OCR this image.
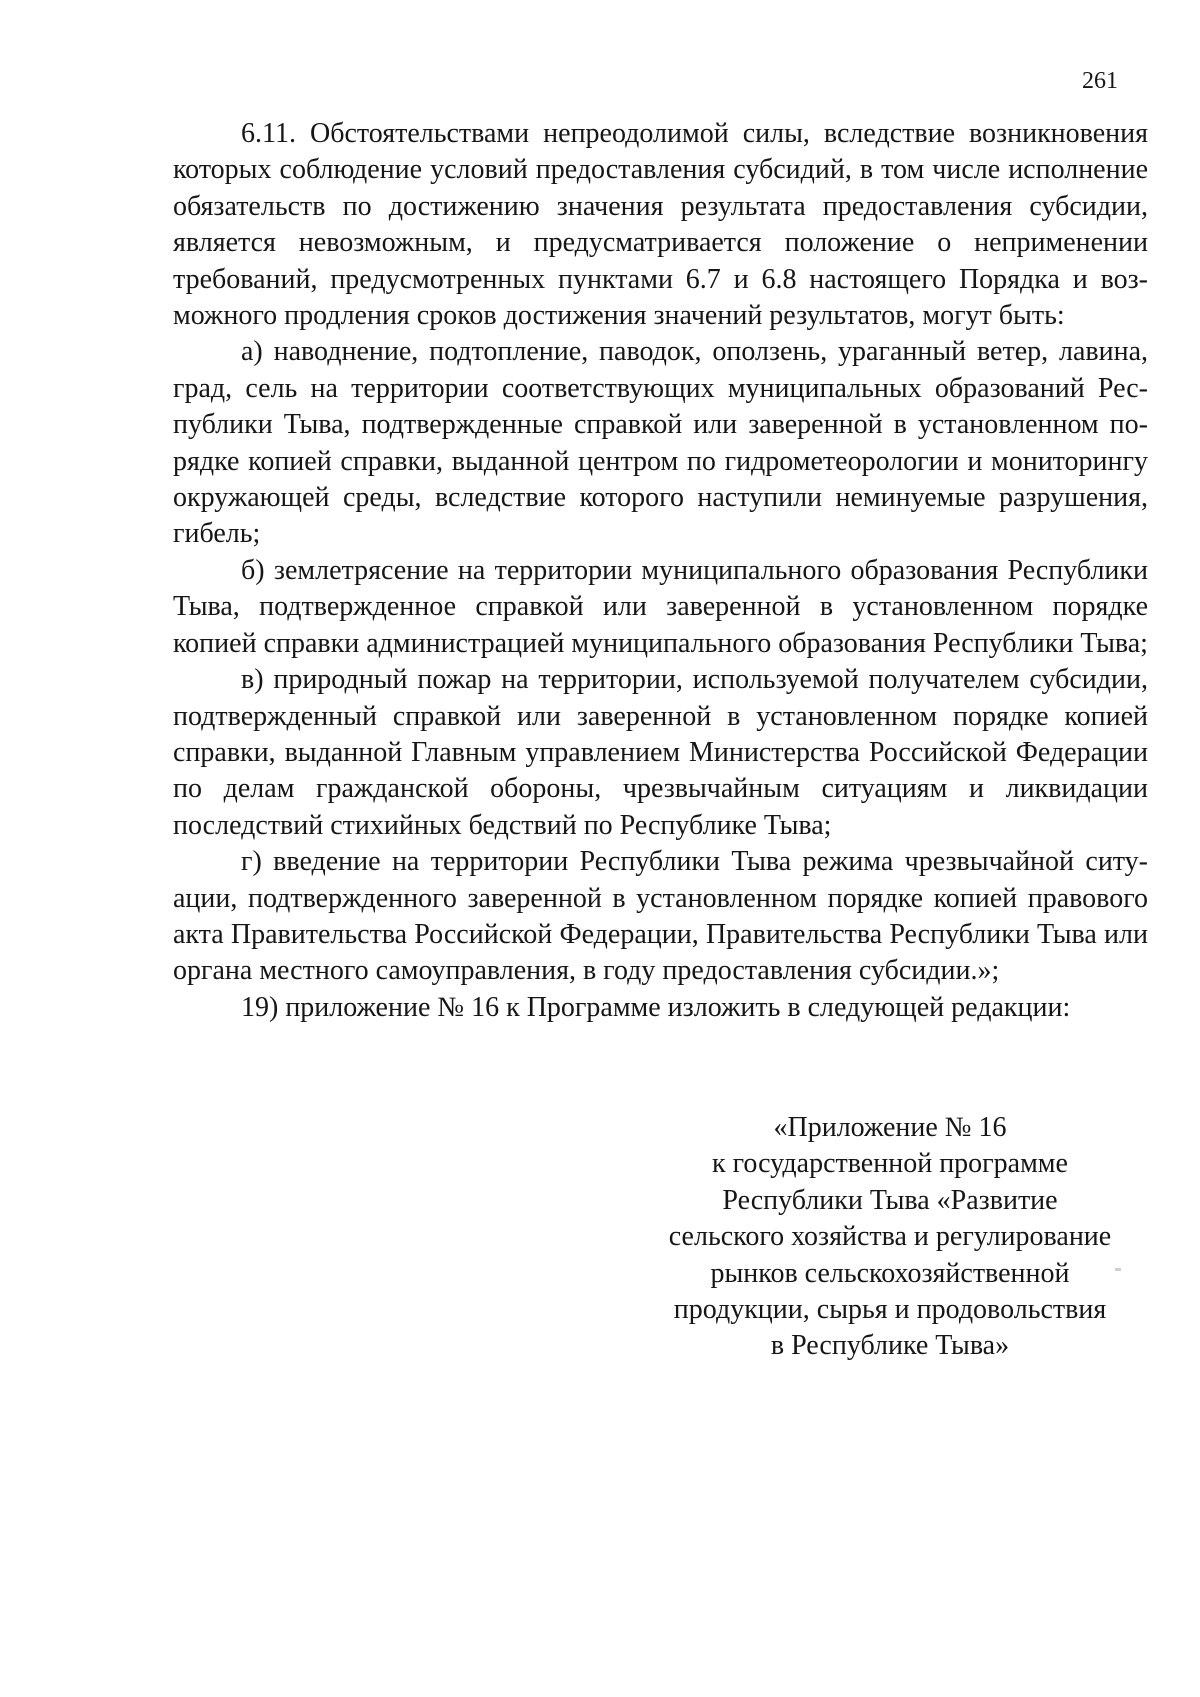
261

6.11. Обстоятельствами непреодолимой силы, вследствие возникновения которых соблюдение условий предоставления субсидий, в том числе исполнение обязательств по достижению значения результата предоставления субсидии, является невозможным, и предусматривается положение о неприменении требований, предусмотренных пунктами 6.7 и 6.8 настоящего Порядка и возможного продления сроков достижения значений результатов, могут быть:

а) наводнение, подтопление, паводок, оползень, ураганный ветер, лавина, град, сель на территории соответствующих муниципальных образований Республики Тыва, подтвержденные справкой или заверенной в установленном порядке копией справки, выданной центром по гидрометеорологии и мониторингу окружающей среды, вследствие которого наступили неминуемые разрушения, гибель;

б) землетрясение на территории муниципального образования Республики Тыва, подтвержденное справкой или заверенной в установленном порядке копией справки администрацией муниципального образования Республики Тыва;

в) природный пожар на территории, используемой получателем субсидии, подтвержденный справкой или заверенной в установленном порядке копией справки, выданной Главным управлением Министерства Российской Федерации по делам гражданской обороны, чрезвычайным ситуациям и ликвидации последствий стихийных бедствий по Республике Тыва;

г) введение на территории Республики Тыва режима чрезвычайной ситуации, подтвержденного заверенной в установленном порядке копией правового акта Правительства Российской Федерации, Правительства Республики Тыва или органа местного самоуправления, в году предоставления субсидии.»;

19) приложение № 16 к Программе изложить в следующей редакции:

«Приложение № 16
к государственной программе
Республики Тыва «Развитие
сельского хозяйства и регулирование
рынков сельскохозяйственной
продукции, сырья и продовольствия
в Республике Тыва»
